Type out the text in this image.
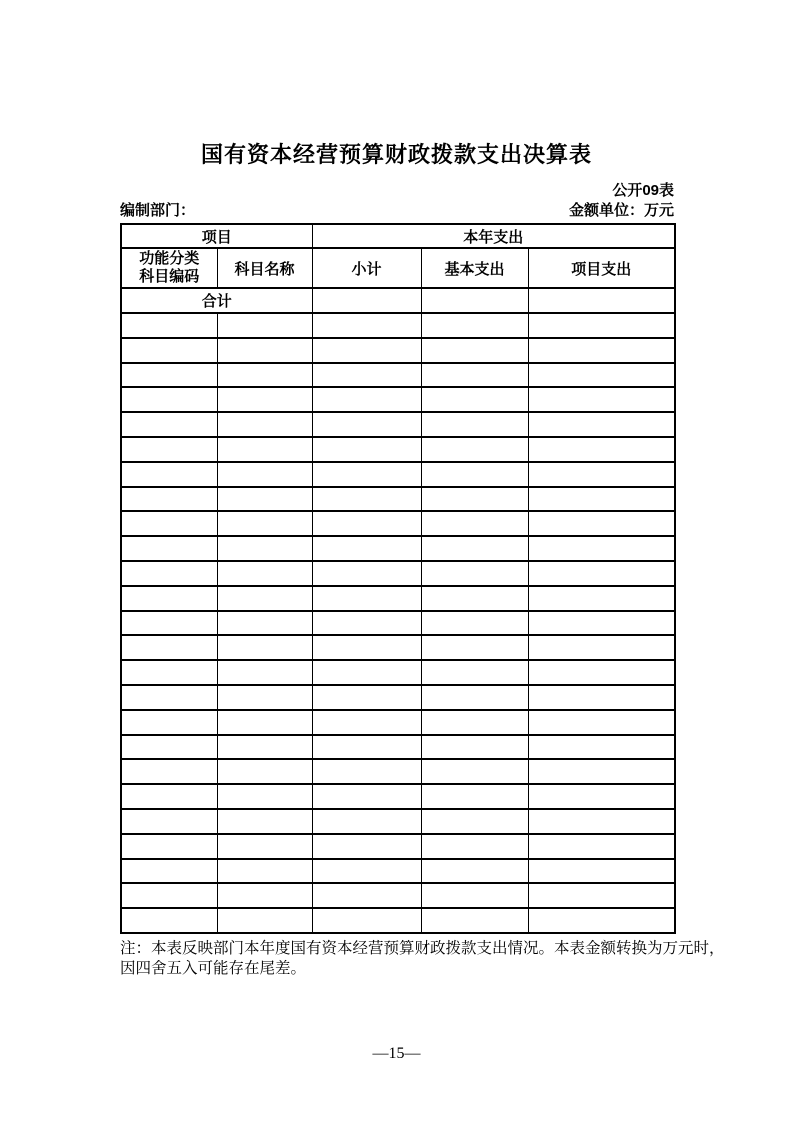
国有资本经营预算财政拨款支出决算表
公开09表
编制部门：	金额单位：万元
项目		本年支出		

功能分类
科目编码	科目名称	小计	基本支出	项目支出
合计				

注：本表反映部门本年度国有资本经营预算财政拨款支出情况。本表金额转换为万元时，
因四舍五入可能存在尾差。
—15—
